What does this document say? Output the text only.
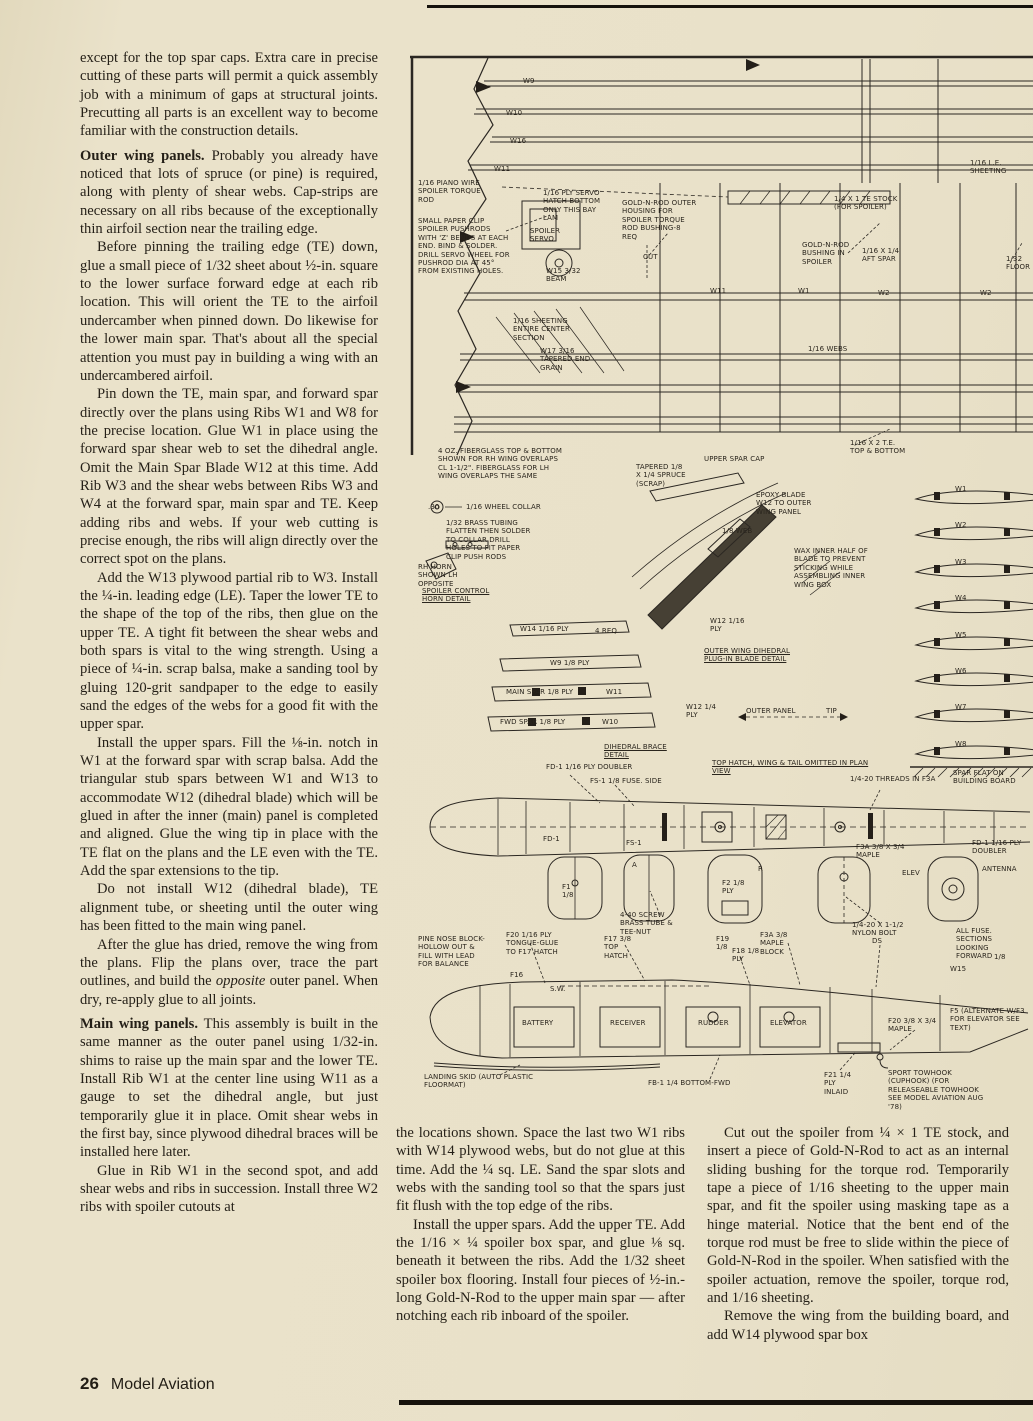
except for the top spar caps. Extra care in precise cutting of these parts will permit a quick assembly job with a minimum of gaps at structural joints. Precutting all parts is an excellent way to become familiar with the construction details.

Outer wing panels. Probably you already have noticed that lots of spruce (or pine) is required, along with plenty of shear webs. Cap-strips are necessary on all ribs because of the exceptionally thin airfoil section near the trailing edge.

Before pinning the trailing edge (TE) down, glue a small piece of 1/32 sheet about ½-in. square to the lower surface forward edge at each rib location. This will orient the TE to the airfoil undercamber when pinned down. Do likewise for the lower main spar. That's about all the special attention you must pay in building a wing with an undercambered airfoil.

Pin down the TE, main spar, and forward spar directly over the plans using Ribs W1 and W8 for the precise location. Glue W1 in place using the forward spar shear web to set the dihedral angle. Omit the Main Spar Blade W12 at this time. Add Rib W3 and the shear webs between Ribs W3 and W4 at the forward spar, main spar and TE. Keep adding ribs and webs. If your web cutting is precise enough, the ribs will align directly over the correct spot on the plans.

Add the W13 plywood partial rib to W3. Install the ¼-in. leading edge (LE). Taper the lower TE to the shape of the top of the ribs, then glue on the upper TE. A tight fit between the shear webs and both spars is vital to the wing strength. Using a piece of ¼-in. scrap balsa, make a sanding tool by gluing 120-grit sandpaper to the edge to easily sand the edges of the webs for a good fit with the upper spar.

Install the upper spars. Fill the ⅛-in. notch in W1 at the forward spar with scrap balsa. Add the triangular stub spars between W1 and W13 to accommodate W12 (dihedral blade) which will be glued in after the inner (main) panel is completed and aligned. Glue the wing tip in place with the TE flat on the plans and the LE even with the TE. Add the spar extensions to the tip.

Do not install W12 (dihedral blade), TE alignment tube, or sheeting until the outer wing has been fitted to the main wing panel.

After the glue has dried, remove the wing from the plans. Flip the plans over, trace the part outlines, and build the opposite outer panel. When dry, re-apply glue to all joints.

Main wing panels. This assembly is built in the same manner as the outer panel using 1/32-in. shims to raise up the main spar and the lower TE. Install Rib W1 at the center line using W11 as a gauge to set the dihedral angle, but just temporarily glue it in place. Omit shear webs in the first bay, since plywood dihedral braces will be installed here later.

Glue in Rib W1 in the second spot, and add shear webs and ribs in succession. Install three W2 ribs with spoiler cutouts at

W9
W10
W16
W11
1/16 PIANO WIRE SPOILER TORQUE ROD
1/16 PLY SERVO HATCH-BOTTOM ONLY THIS BAY LAM
GOLD-N-ROD OUTER HOUSING FOR SPOILER TORQUE ROD BUSHING-8 REQ
1/4 X 1 TE STOCK (FOR SPOILER)
1/16 L.E. SHEETING
SMALL PAPER CLIP SPOILER PUSHRODS WITH 'Z' BENDS AT EACH END. BIND & SOLDER. DRILL SERVO WHEEL FOR PUSHROD DIA AT 45° FROM EXISTING HOLES.
SPOILER SERVO
GOLD-N-ROD BUSHING IN SPOILER
1/16 X 1/4 AFT SPAR	1/32 FLOOR
CUT
W15 3/32 BEAM
W11	W1	W2	W2
1/16 SHEETING ENTIRE CENTER SECTION
W17 3/16 TAPERED END GRAIN
1/16 WEBS
1/16 X 2 T.E. TOP & BOTTOM
4 OZ. FIBERGLASS TOP & BOTTOM SHOWN FOR RH WING OVERLAPS CL 1-1/2". FIBERGLASS FOR LH WING OVERLAPS THE SAME
TAPERED 1/8 X 1/4 SPRUCE (SCRAP)
UPPER SPAR CAP
EPOXY BLADE W12 TO OUTER WING PANEL
.30	1/16 WHEEL COLLAR
1/8 WEB
1/32 BRASS TUBING FLATTEN THEN SOLDER TO COLLAR DRILL HOLES TO FIT PAPER CLIP PUSH RODS
WAX INNER HALF OF BLADE TO PREVENT STICKING WHILE ASSEMBLING INNER WING BOX
RH HORN SHOWN LH OPPOSITE
SPOILER CONTROL HORN DETAIL
W1
W2
W3
W4
W5
W6
W7
W8
W14 1/16 PLY	4 REQ
W9 1/8 PLY
MAIN SPAR 1/8 PLY	W11
FWD SPAR 1/8 PLY	W10
W12 1/16 PLY
OUTER WING DIHEDRAL PLUG-IN BLADE DETAIL
W12 1/4 PLY
OUTER PANEL	TIP
DIHEDRAL BRACE DETAIL
SPAR FLAT ON BUILDING BOARD
FD-1 1/16 PLY DOUBLER
FS-1 1/8 FUSE. SIDE
TOP HATCH, WING & TAIL OMITTED IN PLAN VIEW
1/4-20 THREADS IN F3A
FD-1	FS-1	F3A 3/8 X 3/4 MAPLE
FD-1 1/16 PLY DOUBLER
ANTENNA
ELEV
A	R
F1 1/8
F2 1/8 PLY
4-40 SCREW BRASS TUBE & TEE-NUT
1/4-20 X 1-1/2 NYLON BOLT	ALL FUSE. SECTIONS LOOKING FORWARD
PINE NOSE BLOCK-HOLLOW OUT & FILL WITH LEAD FOR BALANCE
F20 1/16 PLY TONGUE-GLUE TO F17 HATCH
F17 3/8 TOP HATCH
F19 1/8 F18 1/8 PLY
F3A 3/8 MAPLE BLOCK
DS
1/8
W15
F16
S.W.
BATTERY	RECEIVER	RUDDER	ELEVATOR	F20 3/8 X 3/4 MAPLE
F5 (ALTERNATE W/F3 FOR ELEVATOR SEE TEXT)
LANDING SKID (AUTO PLASTIC FLOORMAT)	FB-1 1/4 BOTTOM-FWD
F21 1/4 PLY INLAID
SPORT TOWHOOK (CUPHOOK) (FOR RELEASEABLE TOWHOOK SEE MODEL AVIATION AUG '78)

the locations shown. Space the last two W1 ribs with W14 plywood webs, but do not glue at this time. Add the ¼ sq. LE. Sand the spar slots and webs with the sanding tool so that the spars just fit flush with the top edge of the ribs.

Install the upper spars. Add the upper TE. Add the 1/16 × ¼ spoiler box spar, and glue ⅛ sq. beneath it between the ribs. Add the 1/32 sheet spoiler box flooring. Install four pieces of ½-in.-long Gold-N-Rod to the upper main spar — after notching each rib inboard of the spoiler.

Cut out the spoiler from ¼ × 1 TE stock, and insert a piece of Gold-N-Rod to act as an internal sliding bushing for the torque rod. Temporarily tape a piece of 1/16 sheeting to the upper main spar, and fit the spoiler using masking tape as a hinge material. Notice that the bent end of the torque rod must be free to slide within the piece of Gold-N-Rod in the spoiler. When satisfied with the spoiler actuation, remove the spoiler, torque rod, and 1/16 sheeting.

Remove the wing from the building board, and add W14 plywood spar box

26 Model Aviation
